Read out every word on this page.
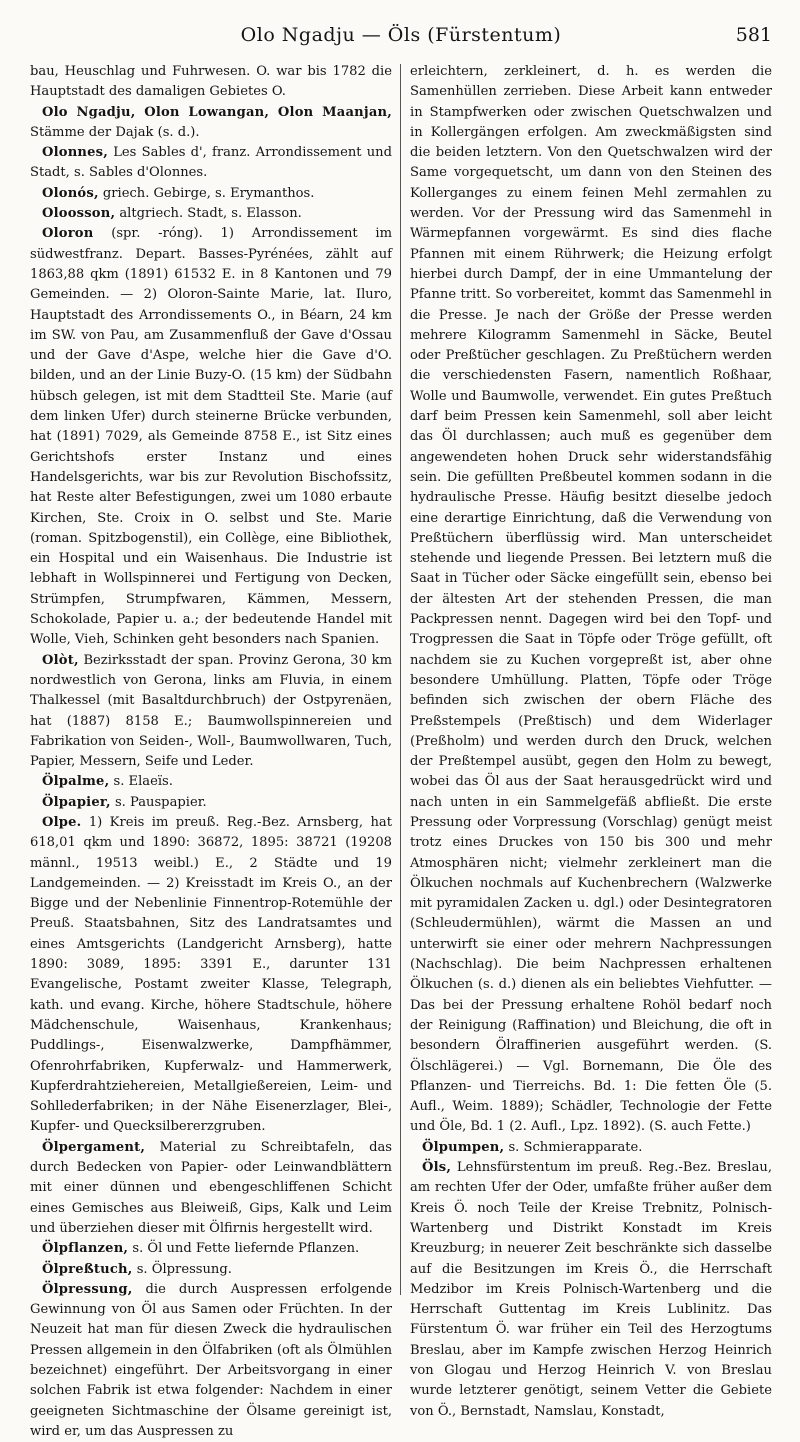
Olo Ngadju — Öls (Fürstentum)	581

bau, Heuschlag und Fuhrwesen. O. war bis 1782 die Hauptstadt des damaligen Gebietes O.

Olo Ngadju, Olon Lowangan, Olon Maanjan, Stämme der Dajak (s. d.).

Olonnes, Les Sables d', franz. Arrondissement und Stadt, s. Sables d'Olonnes.

Olonós, griech. Gebirge, s. Erymanthos.

Oloosson, altgriech. Stadt, s. Elasson.

Oloron (spr. -róng). 1) Arrondissement im südwestfranz. Depart. Basses-Pyrénées, zählt auf 1863,88 qkm (1891) 61532 E. in 8 Kantonen und 79 Gemeinden. — 2) Oloron-Sainte Marie, lat. Iluro, Hauptstadt des Arrondissements O., in Béarn, 24 km im SW. von Pau, am Zusammenfluß der Gave d'Ossau und der Gave d'Aspe, welche hier die Gave d'O. bilden, und an der Linie Buzy-O. (15 km) der Südbahn hübsch gelegen, ist mit dem Stadtteil Ste. Marie (auf dem linken Ufer) durch steinerne Brücke verbunden, hat (1891) 7029, als Gemeinde 8758 E., ist Sitz eines Gerichtshofs erster Instanz und eines Handelsgerichts, war bis zur Revolution Bischofssitz, hat Reste alter Befestigungen, zwei um 1080 erbaute Kirchen, Ste. Croix in O. selbst und Ste. Marie (roman. Spitzbogenstil), ein Collège, eine Bibliothek, ein Hospital und ein Waisenhaus. Die Industrie ist lebhaft in Wollspinnerei und Fertigung von Decken, Strümpfen, Strumpfwaren, Kämmen, Messern, Schokolade, Papier u. a.; der bedeutende Handel mit Wolle, Vieh, Schinken geht besonders nach Spanien.

Olòt, Bezirksstadt der span. Provinz Gerona, 30 km nordwestlich von Gerona, links am Fluvia, in einem Thalkessel (mit Basaltdurchbruch) der Ostpyrenäen, hat (1887) 8158 E.; Baumwollspinnereien und Fabrikation von Seiden-, Woll-, Baumwollwaren, Tuch, Papier, Messern, Seife und Leder.

Ölpalme, s. Elaeïs.

Ölpapier, s. Pauspapier.

Olpe. 1) Kreis im preuß. Reg.-Bez. Arnsberg, hat 618,01 qkm und 1890: 36872, 1895: 38721 (19208 männl., 19513 weibl.) E., 2 Städte und 19 Landgemeinden. — 2) Kreisstadt im Kreis O., an der Bigge und der Nebenlinie Finnentrop-Rotemühle der Preuß. Staatsbahnen, Sitz des Landratsamtes und eines Amtsgerichts (Landgericht Arnsberg), hatte 1890: 3089, 1895: 3391 E., darunter 131 Evangelische, Postamt zweiter Klasse, Telegraph, kath. und evang. Kirche, höhere Stadtschule, höhere Mädchenschule, Waisenhaus, Krankenhaus; Puddlings-, Eisenwalzwerke, Dampfhämmer, Ofenrohrfabriken, Kupferwalz- und Hammerwerk, Kupferdrahtziehereien, Metallgießereien, Leim- und Sohllederfabriken; in der Nähe Eisenerzlager, Blei-, Kupfer- und Quecksilbererzgruben.

Ölpergament, Material zu Schreibtafeln, das durch Bedecken von Papier- oder Leinwandblättern mit einer dünnen und ebengeschliffenen Schicht eines Gemisches aus Bleiweiß, Gips, Kalk und Leim und überziehen dieser mit Ölfirnis hergestellt wird.

Ölpflanzen, s. Öl und Fette liefernde Pflanzen.

Ölpreßtuch, s. Ölpressung.

Ölpressung, die durch Auspressen erfolgende Gewinnung von Öl aus Samen oder Früchten. In der Neuzeit hat man für diesen Zweck die hydraulischen Pressen allgemein in den Ölfabriken (oft als Ölmühlen bezeichnet) eingeführt. Der Arbeitsvorgang in einer solchen Fabrik ist etwa folgender: Nachdem in einer geeigneten Sichtmaschine der Ölsame gereinigt ist, wird er, um das Auspressen zu

erleichtern, zerkleinert, d. h. es werden die Samenhüllen zerrieben. Diese Arbeit kann entweder in Stampfwerken oder zwischen Quetschwalzen und in Kollergängen erfolgen. Am zweckmäßigsten sind die beiden letztern. Von den Quetschwalzen wird der Same vorgequetscht, um dann von den Steinen des Kollerganges zu einem feinen Mehl zermahlen zu werden. Vor der Pressung wird das Samenmehl in Wärmepfannen vorgewärmt. Es sind dies flache Pfannen mit einem Rührwerk; die Heizung erfolgt hierbei durch Dampf, der in eine Ummantelung der Pfanne tritt. So vorbereitet, kommt das Samenmehl in die Presse. Je nach der Größe der Presse werden mehrere Kilogramm Samenmehl in Säcke, Beutel oder Preßtücher geschlagen. Zu Preßtüchern werden die verschiedensten Fasern, namentlich Roßhaar, Wolle und Baumwolle, verwendet. Ein gutes Preßtuch darf beim Pressen kein Samenmehl, soll aber leicht das Öl durchlassen; auch muß es gegenüber dem angewendeten hohen Druck sehr widerstandsfähig sein. Die gefüllten Preßbeutel kommen sodann in die hydraulische Presse. Häufig besitzt dieselbe jedoch eine derartige Einrichtung, daß die Verwendung von Preßtüchern überflüssig wird. Man unterscheidet stehende und liegende Pressen. Bei letztern muß die Saat in Tücher oder Säcke eingefüllt sein, ebenso bei der ältesten Art der stehenden Pressen, die man Packpressen nennt. Dagegen wird bei den Topf- und Trogpressen die Saat in Töpfe oder Tröge gefüllt, oft nachdem sie zu Kuchen vorgepreßt ist, aber ohne besondere Umhüllung. Platten, Töpfe oder Tröge befinden sich zwischen der obern Fläche des Preßstempels (Preßtisch) und dem Widerlager (Preßholm) und werden durch den Druck, welchen der Preßtempel ausübt, gegen den Holm zu bewegt, wobei das Öl aus der Saat herausgedrückt wird und nach unten in ein Sammelgefäß abfließt. Die erste Pressung oder Vorpressung (Vorschlag) genügt meist trotz eines Druckes von 150 bis 300 und mehr Atmosphären nicht; vielmehr zerkleinert man die Ölkuchen nochmals auf Kuchenbrechern (Walzwerke mit pyramidalen Zacken u. dgl.) oder Desintegratoren (Schleudermühlen), wärmt die Massen an und unterwirft sie einer oder mehrern Nachpressungen (Nachschlag). Die beim Nachpressen erhaltenen Ölkuchen (s. d.) dienen als ein beliebtes Viehfutter. — Das bei der Pressung erhaltene Rohöl bedarf noch der Reinigung (Raffination) und Bleichung, die oft in besondern Ölraffinerien ausgeführt werden. (S. Ölschlägerei.) — Vgl. Bornemann, Die Öle des Pflanzen- und Tierreichs. Bd. 1: Die fetten Öle (5. Aufl., Weim. 1889); Schädler, Technologie der Fette und Öle, Bd. 1 (2. Aufl., Lpz. 1892). (S. auch Fette.)

Ölpumpen, s. Schmierapparate.

Öls, Lehnsfürstentum im preuß. Reg.-Bez. Breslau, am rechten Ufer der Oder, umfaßte früher außer dem Kreis Ö. noch Teile der Kreise Trebnitz, Polnisch-Wartenberg und Distrikt Konstadt im Kreis Kreuzburg; in neuerer Zeit beschränkte sich dasselbe auf die Besitzungen im Kreis Ö., die Herrschaft Medzibor im Kreis Polnisch-Wartenberg und die Herrschaft Guttentag im Kreis Lublinitz. Das Fürstentum Ö. war früher ein Teil des Herzogtums Breslau, aber im Kampfe zwischen Herzog Heinrich von Glogau und Herzog Heinrich V. von Breslau wurde letzterer genötigt, seinem Vetter die Gebiete von Ö., Bernstadt, Namslau, Konstadt,
